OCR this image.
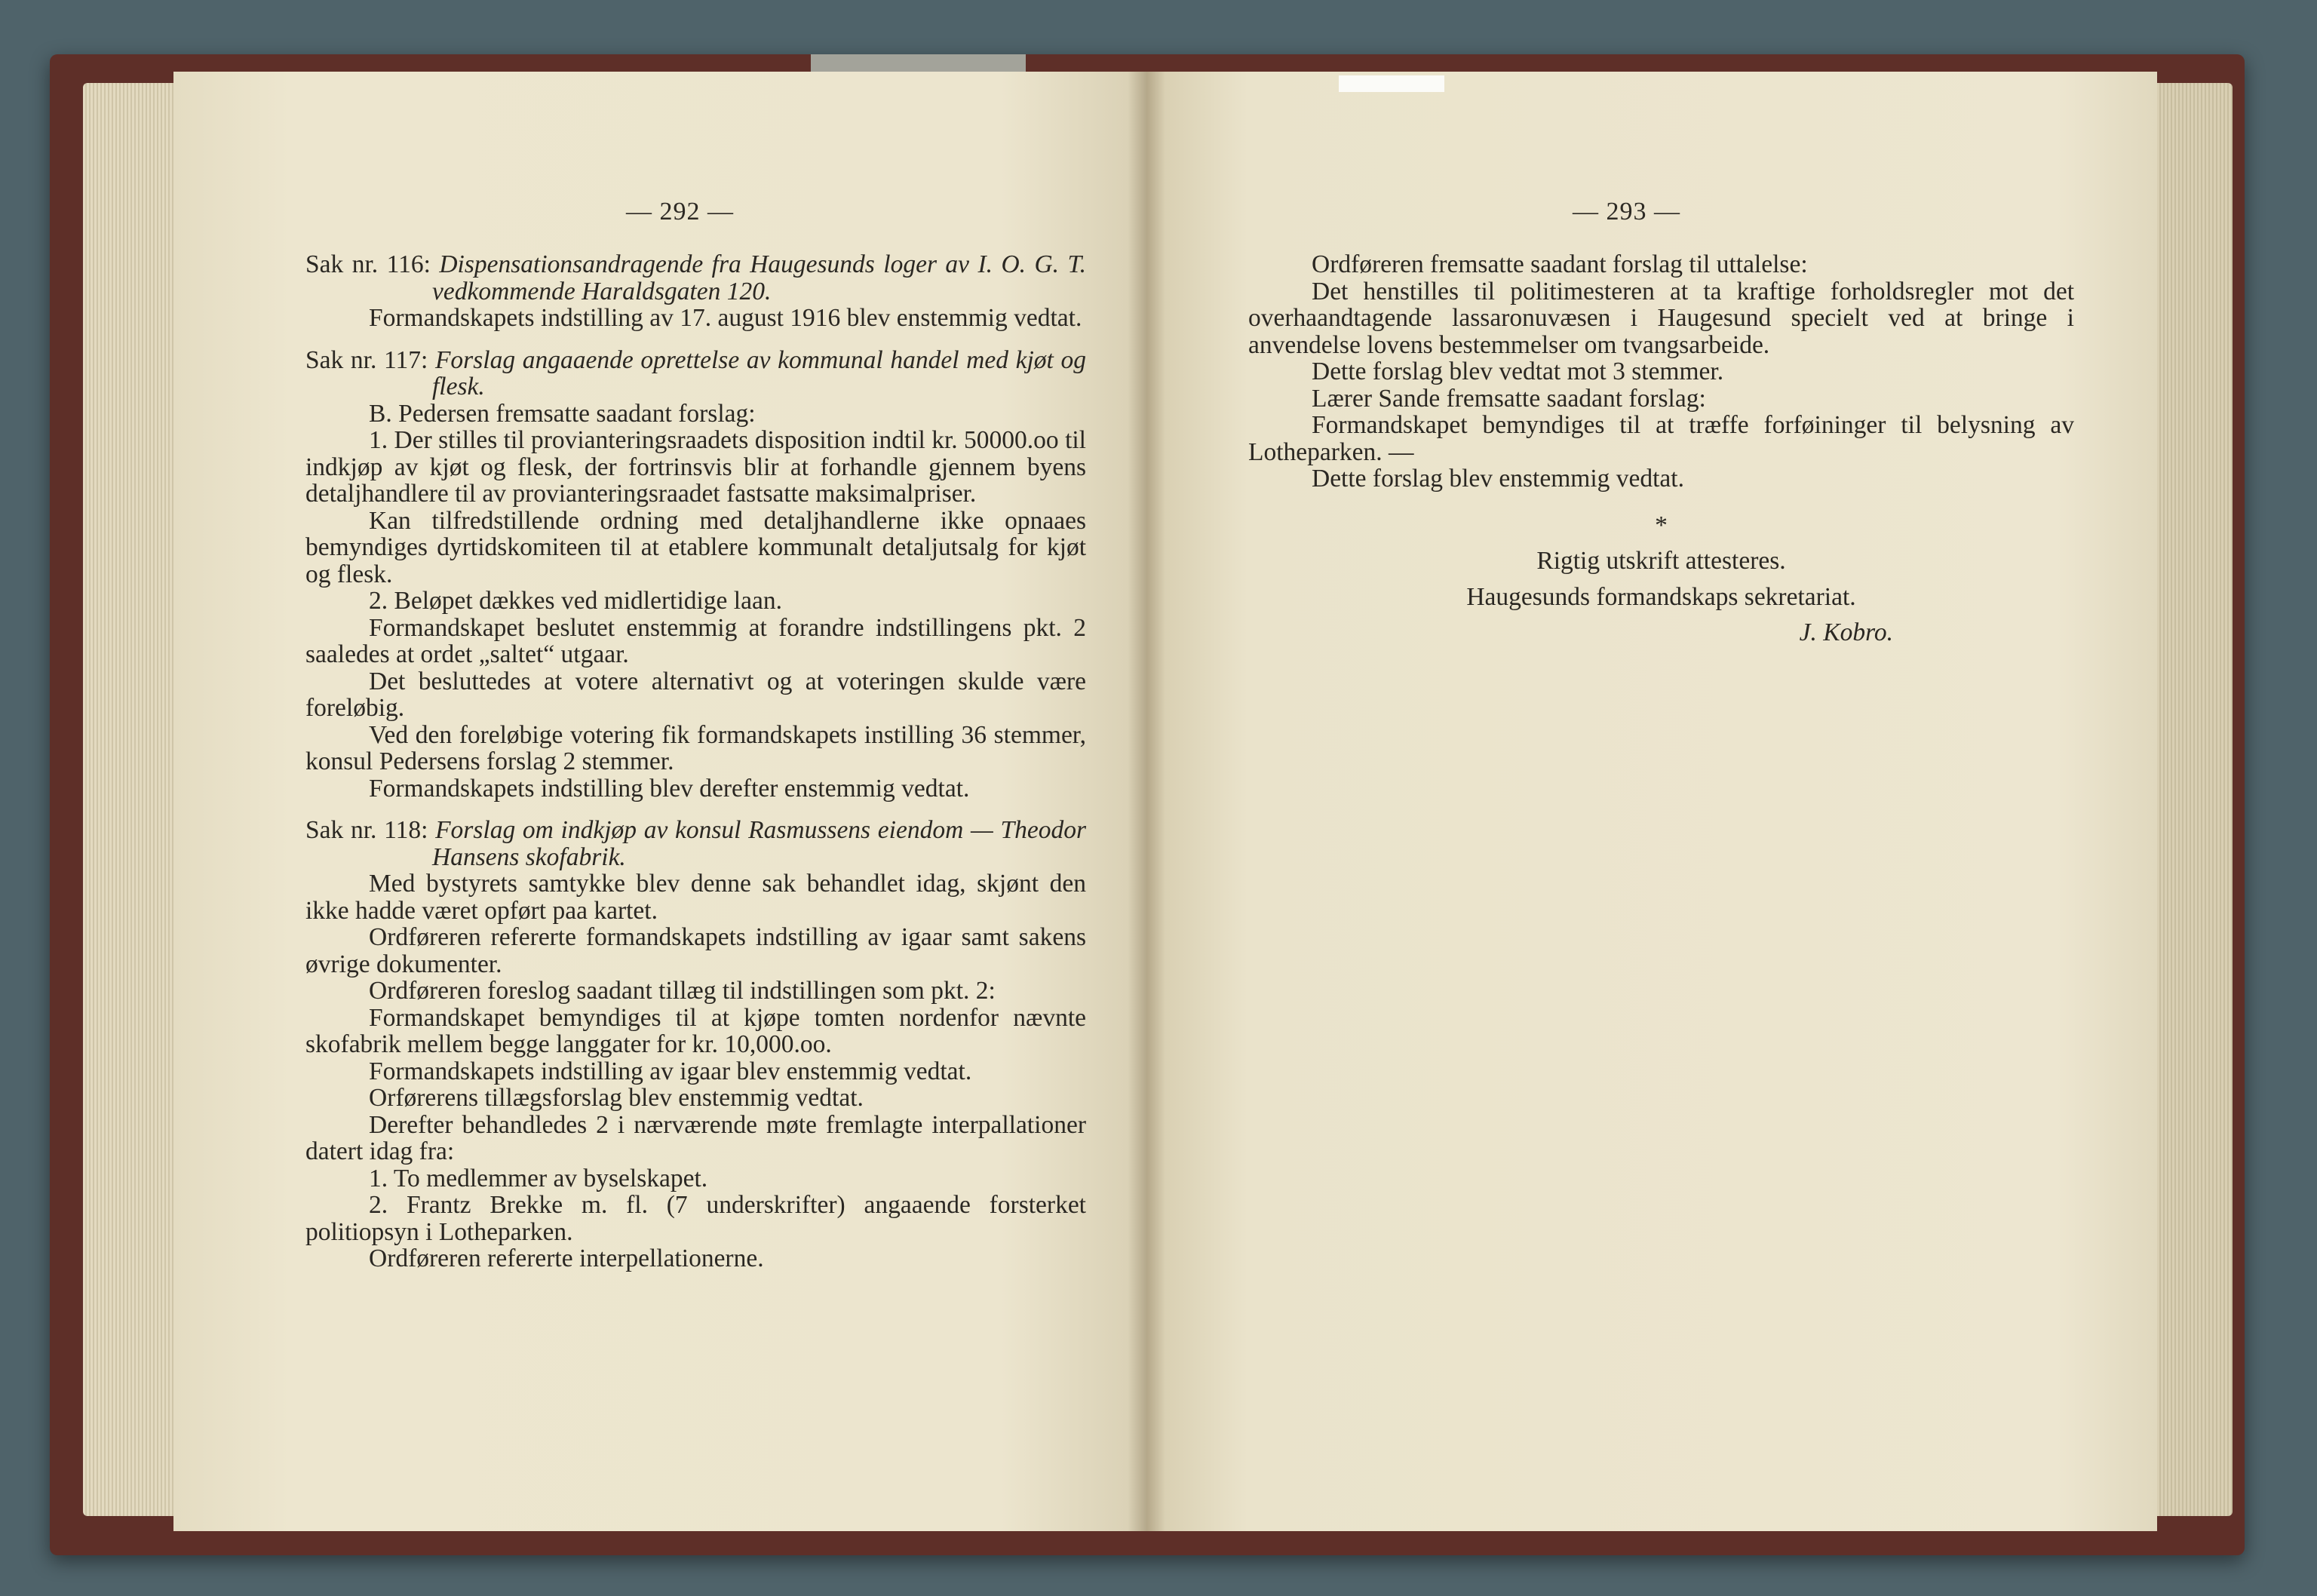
— 292 —	— 293 —

Sak nr. 116: Dispensationsandragende fra Haugesunds loger av I. O. G. T. vedkommende Haraldsgaten 120.

Formandskapets indstilling av 17. august 1916 blev enstemmig vedtat.

Sak nr. 117: Forslag angaaende oprettelse av kommunal handel med kjøt og flesk.

B. Pedersen fremsatte saadant forslag:

1. Der stilles til provianteringsraadets disposition indtil kr. 50000.oo til indkjøp av kjøt og flesk, der fortrinsvis blir at forhandle gjennem byens detaljhandlere til av provianteringsraadet fastsatte maksimalpriser.

Kan tilfredstillende ordning med detaljhandlerne ikke opnaaes bemyndiges dyrtidskomiteen til at etablere kommunalt detaljutsalg for kjøt og flesk.

2. Beløpet dækkes ved midlertidige laan.

Formandskapet beslutet enstemmig at forandre indstillingens pkt. 2 saaledes at ordet „saltet“ utgaar.

Det besluttedes at votere alternativt og at voteringen skulde være foreløbig.

Ved den foreløbige votering fik formandskapets instilling 36 stemmer, konsul Pedersens forslag 2 stemmer.

Formandskapets indstilling blev derefter enstemmig vedtat.

Sak nr. 118: Forslag om indkjøp av konsul Rasmussens eiendom — Theodor Hansens skofabrik.

Med bystyrets samtykke blev denne sak behandlet idag, skjønt den ikke hadde været opført paa kartet.

Ordføreren refererte formandskapets indstilling av igaar samt sakens øvrige dokumenter.

Ordføreren foreslog saadant tillæg til indstillingen som pkt. 2:

Formandskapet bemyndiges til at kjøpe tomten nordenfor nævnte skofabrik mellem begge langgater for kr. 10,000.oo.

Formandskapets indstilling av igaar blev enstemmig vedtat.

Orførerens tillægsforslag blev enstemmig vedtat.

Derefter behandledes 2 i nærværende møte fremlagte interpallationer datert idag fra:

1. To medlemmer av byselskapet.

2. Frantz Brekke m. fl. (7 underskrifter) angaaende forsterket politiopsyn i Lotheparken.

Ordføreren refererte interpellationerne.

Ordføreren fremsatte saadant forslag til uttalelse:

Det henstilles til politimesteren at ta kraftige forholdsregler mot det overhaandtagende lassaronuvæsen i Haugesund specielt ved at bringe i anvendelse lovens bestemmelser om tvangsarbeide.

Dette forslag blev vedtat mot 3 stemmer.

Lærer Sande fremsatte saadant forslag:

Formandskapet bemyndiges til at træffe forføininger til belysning av Lotheparken. —

Dette forslag blev enstemmig vedtat.

*

Rigtig utskrift attesteres.

Haugesunds formandskaps sekretariat.

J. Kobro.
